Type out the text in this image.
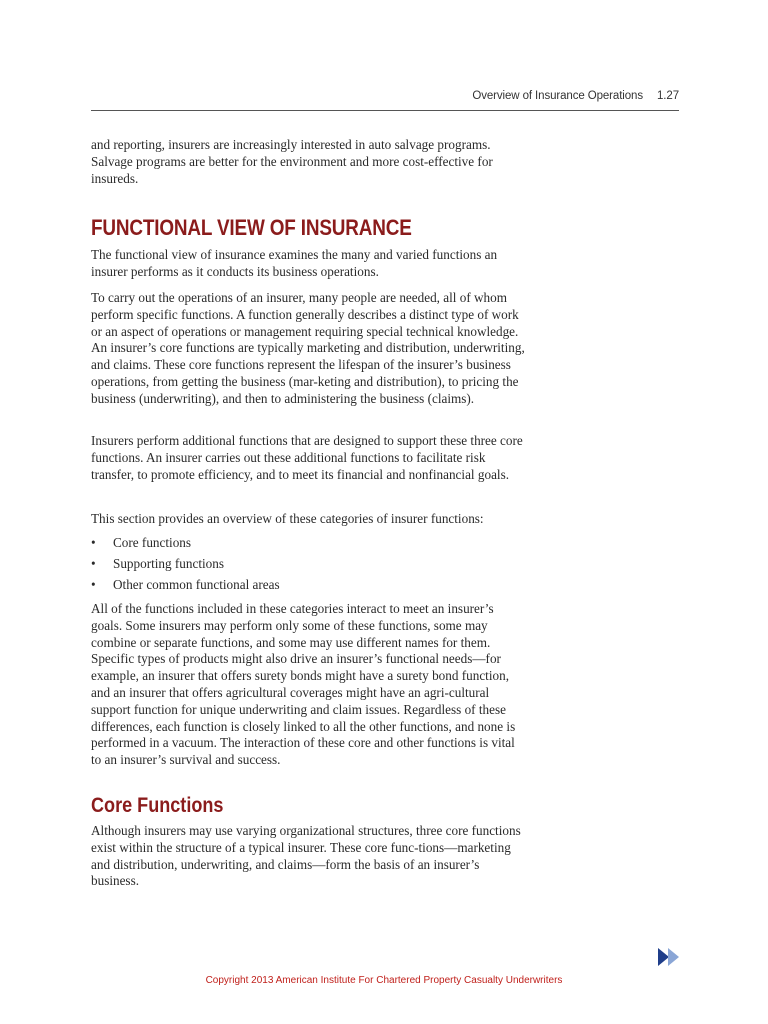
Overview of Insurance Operations 1.27

and reporting, insurers are increasingly interested in auto salvage programs. Salvage programs are better for the environment and more cost-effective for insureds.

FUNCTIONAL VIEW OF INSURANCE

The functional view of insurance examines the many and varied functions an insurer performs as it conducts its business operations.

To carry out the operations of an insurer, many people are needed, all of whom perform specific functions. A function generally describes a distinct type of work or an aspect of operations or management requiring special technical knowledge. An insurer’s core functions are typically marketing and distribution, underwriting, and claims. These core functions represent the lifespan of the insurer’s business operations, from getting the business (mar-keting and distribution), to pricing the business (underwriting), and then to administering the business (claims).

Insurers perform additional functions that are designed to support these three core functions. An insurer carries out these additional functions to facilitate risk transfer, to promote efficiency, and to meet its financial and nonfinancial goals.

This section provides an overview of these categories of insurer functions:

• Core functions
• Supporting functions
• Other common functional areas

All of the functions included in these categories interact to meet an insurer’s goals. Some insurers may perform only some of these functions, some may combine or separate functions, and some may use different names for them. Specific types of products might also drive an insurer’s functional needs—for example, an insurer that offers surety bonds might have a surety bond function, and an insurer that offers agricultural coverages might have an agri-cultural support function for unique underwriting and claim issues. Regardless of these differences, each function is closely linked to all the other functions, and none is performed in a vacuum. The interaction of these core and other functions is vital to an insurer’s survival and success.

Core Functions

Although insurers may use varying organizational structures, three core functions exist within the structure of a typical insurer. These core func-tions—marketing and distribution, underwriting, and claims—form the basis of an insurer’s business.

Copyright 2013 American Institute For Chartered Property Casualty Underwriters
